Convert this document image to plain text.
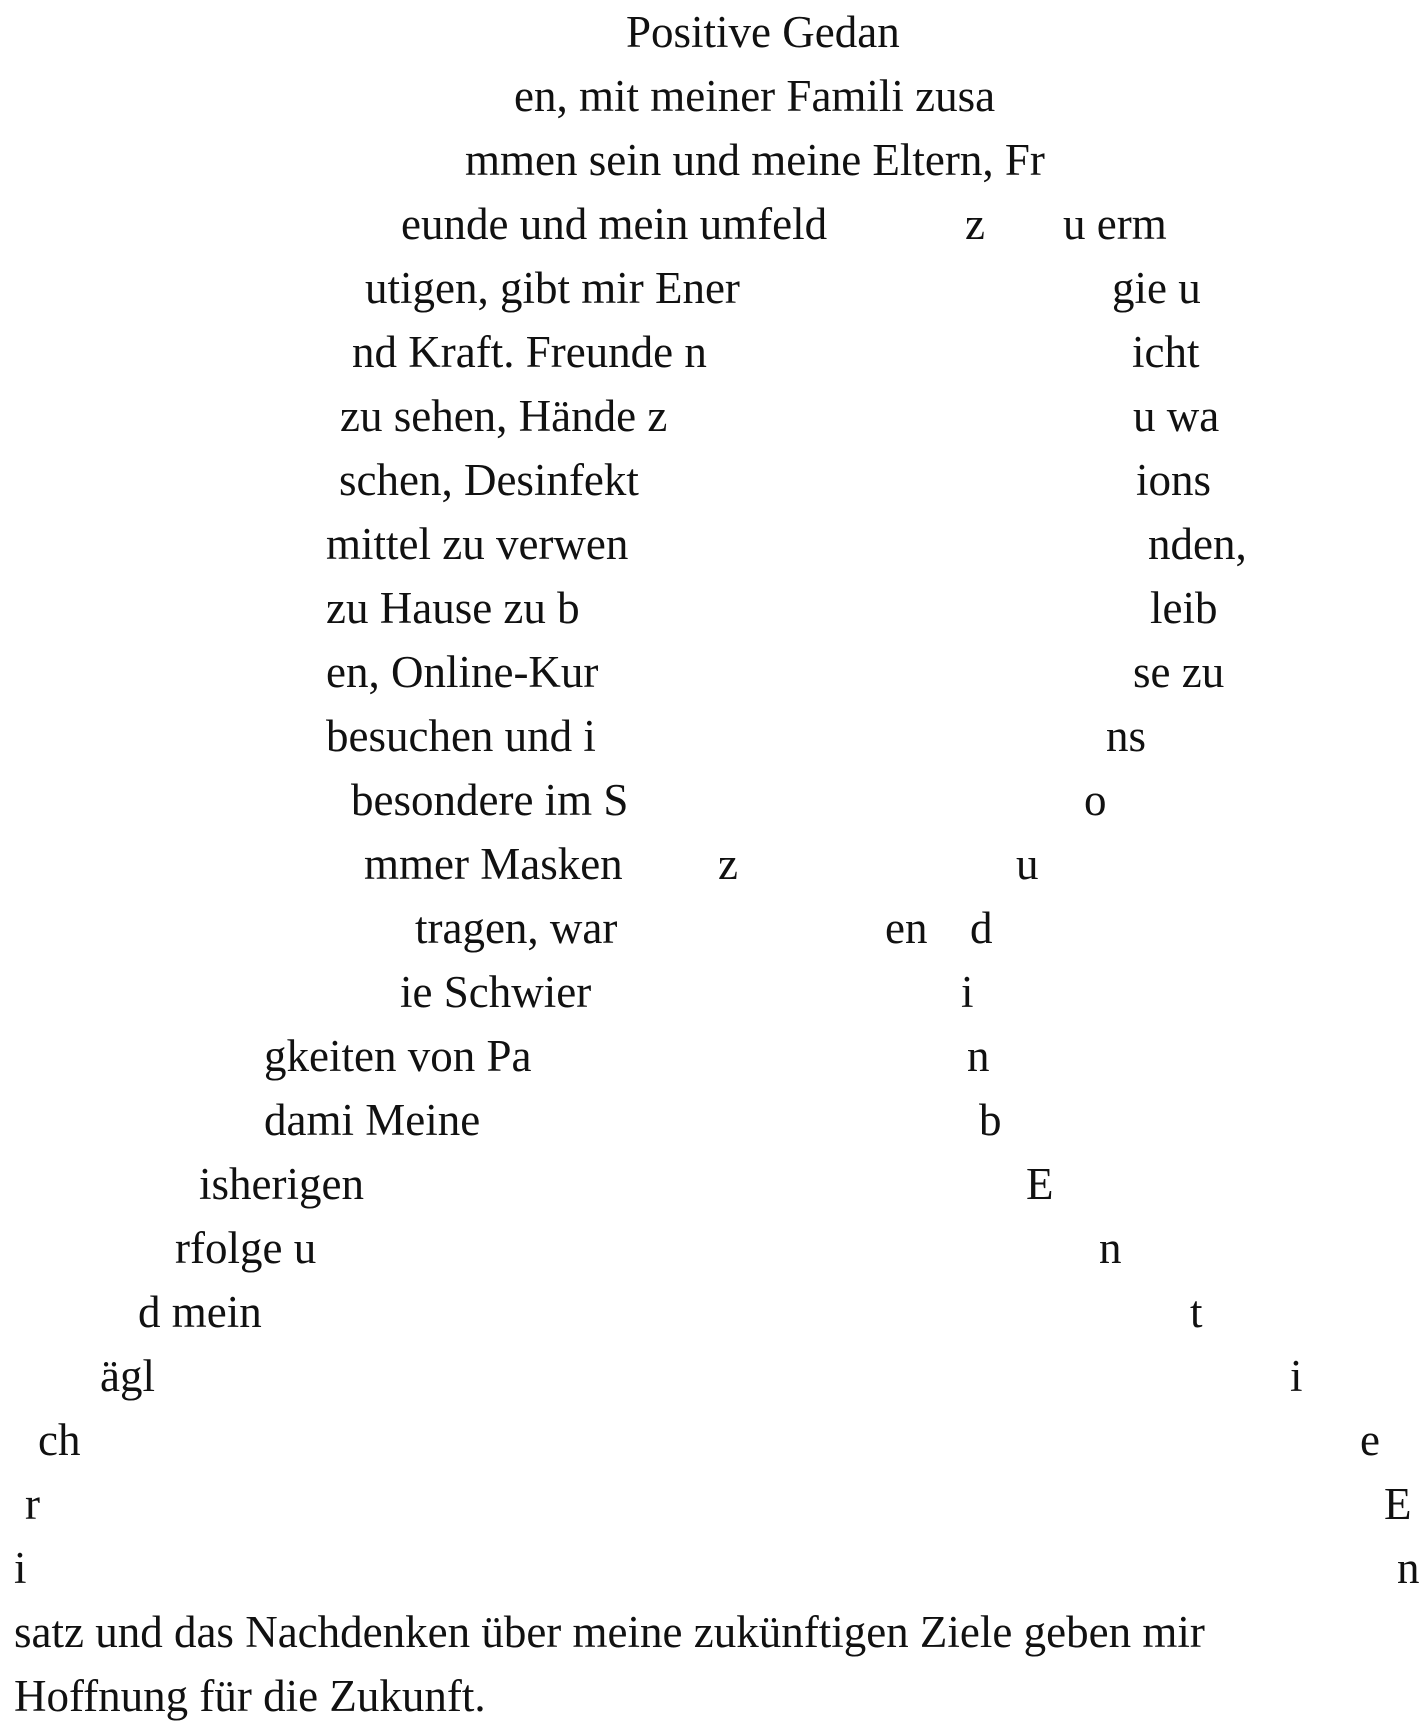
Positive Gedan
en, mit meiner Famili zusa
mmen sein und meine Eltern, Fr
eunde und mein umfeld	z u erm
utigen, gibt mir Ener	gie u
nd Kraft. Freunde n	icht
zu sehen, Hände z	u wa
schen, Desinfekt	ions
mittel zu verwen	nden,
zu Hause zu b	leib
en, Online-Kur	se zu
besuchen und i	ns
besondere im S	o
mmer Masken z	u
tragen, war	en d
ie Schwier	i
gkeiten von Pa	n
dami Meine	b
isherigen	E
rfolge u	n
d mein	t
ägl	i
ch	e
r	E
i	n
satz und das Nachdenken über meine zukünftigen Ziele geben mir
Hoffnung für die Zukunft.
